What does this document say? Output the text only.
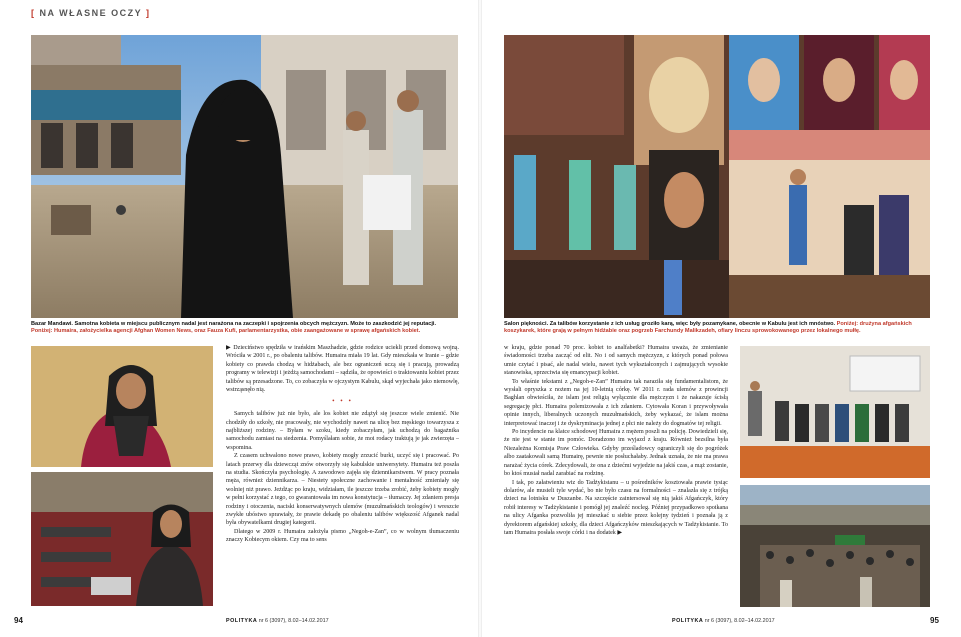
[ NA WŁASNE OCZY ]
Bazar Mandawi. Samotna kobieta w miejscu publicznym nadal jest narażona na zaczepki i spojrzenia obcych mężczyzn. Może to zaszkodzić jej reputacji. Poniżej: Humaira, założycielka agencji Afghan Women News, oraz Fauza Kufi, parlamentarzystka, obie zaangażowane w sprawę afgańskich kobiet.

▶ Dzieciństwo spędziła w irańskim Maszhadzie, gdzie rodzice uciekli przed domową wojną. Wróciła w 2001 r., po obaleniu talibów. Humaira miała 19 lat. Gdy mieszkała w Iranie – gdzie kobiety co prawda chodzą w hidżabach, ale bez ograniczeń uczą się i pracują, prowadzą programy w telewizji i jeżdżą samochodami – sądziła, że opowieści o traktowaniu kobiet przez talibów są przesadzone. To, co zobaczyła w ojczystym Kabulu, skąd wyjechała jako niemowlę, wstrząsnęło nią.

• • •

Samych talibów już nie było, ale los kobiet nie zdążył się jeszcze wiele zmienić. Nie chodziły do szkoły, nie pracowały, nie wychodziły nawet na ulicę bez męskiego towarzysza z najbliższej rodziny. – Byłam w szoku, kiedy zobaczyłam, jak uchodzą do bagażnika samochodu zamiast na siedzenia. Pomyślałam sobie, że moi rodacy traktują je jak zwierzęta – wspomina.

Z czasem uchwalono nowe prawo, kobiety mogły zrzucić burki, uczyć się i pracować. Po latach przerwy dla dziewcząt znów otworzyły się kabulskie uniwersytety. Humaira też poszła na studia. Skończyła psychologię. A zawodowo zajęła się dziennikarstwem. W pracy poznała męża, również dziennikarza. – Niestety społeczne zachowanie i mentalność zmieniały się wolniej niż prawo. Jeżdżąc po kraju, widziałam, ile jeszcze trzeba zrobić, żeby kobiety mogły w pełni korzystać z tego, co gwarantowała im nowa konstytucja – tłumaczy. Jej zdaniem presja rodziny i otoczenia, naciski konserwatywnych ulemów (muzułmańskich teologów) i wreszcie zwykłe ubóstwo sprawiały, że prawie dekadę po obaleniu talibów większość Afganek nadal była obywatelkami drugiej kategorii.

Dlatego w 2009 r. Humaira założyła pismo „Negoh-e-Zan”, co w wolnym tłumaczeniu znaczy Kobiecym okiem. Czy ma to sens

94	POLITYKA nr 6 (3097), 8.02–14.02.2017
Salon piękności. Za talibów korzystanie z ich usług groziło karą, więc były pozamykane, obecnie w Kabulu jest ich mnóstwo. Poniżej: drużyna afgańskich koszykarek, które grają w pełnym hidżabie oraz pogrzeb Farchundy Malikzadeh, ofiary linczu sprowokowanego przez lokalnego mułłę.

w kraju, gdzie ponad 70 proc. kobiet to analfabetki? Humaira uważa, że zmienianie świadomości trzeba zacząć od elit. No i od samych mężczyzn, z których ponad połowa umie czytać i pisać, ale nadal wielu, nawet tych wykształconych i zajmujących wysokie stanowiska, sprzeciwia się emancypacji kobiet.

To właśnie tekstami z „Negoh-e-Zan” Humaira tak naraziła się fundamentalistom, że wysłali opryszka z nożem na jej 10-letnią córkę. W 2011 r. rada ulemów z prowincji Baghlan obwieściła, że islam jest religią wyłącznie dla mężczyzn i że nakazuje ścisłą segregację płci. Humaira polemizowała z ich zdaniem. Cytowała Koran i przywoływała opinie innych, liberalnych uczonych muzułmańskich, żeby wykazać, że islam można interpretować inaczej i że dyskryminacja jednej z płci nie należy do dogmatów tej religii.

Po incydencie na klatce schodowej Humaira z mężem poszli na policję. Dowiedzieli się, że nie jest w stanie im pomóc. Doradzono im wyjazd z kraju. Również bezsilna była Niezależna Komisja Praw Człowieka. Gdyby prześladowcy ograniczyli się do pogróżek albo zaatakowali samą Humairę, pewnie nie posłuchałaby. Jednak uznała, że nie ma prawa narażać życia córek. Zdecydowali, że ona z dziećmi wyjedzie na jakiś czas, a mąż zostanie, bo ktoś musiał nadal zarabiać na rodzinę.

I tak, po załatwieniu wiz do Tadżykistanu – u pośredników kosztowała prawie tysiąc dolarów, ale musieli tyle wydać, bo nie było czasu na formalności – znalazła się z trójką dzieci na lotnisku w Duszanbe. Na szczęście zaintersował się nią jakiś Afgańczyk, który robił interesy w Tadżykistanie i pomógł jej znaleźć nocleg. Później przypadkowo spotkana na ulicy Afganka pozwoliła jej mieszkać u siebie przez kolejny tydzień i poznała ją z dyrektorem afgańskiej szkoły, dla dzieci Afgańczyków mieszkających w Tadżykistanie. To tam Humaira posłała swoje córki i na dodatek ▶

POLITYKA nr 6 (3097), 8.02–14.02.2017	95
